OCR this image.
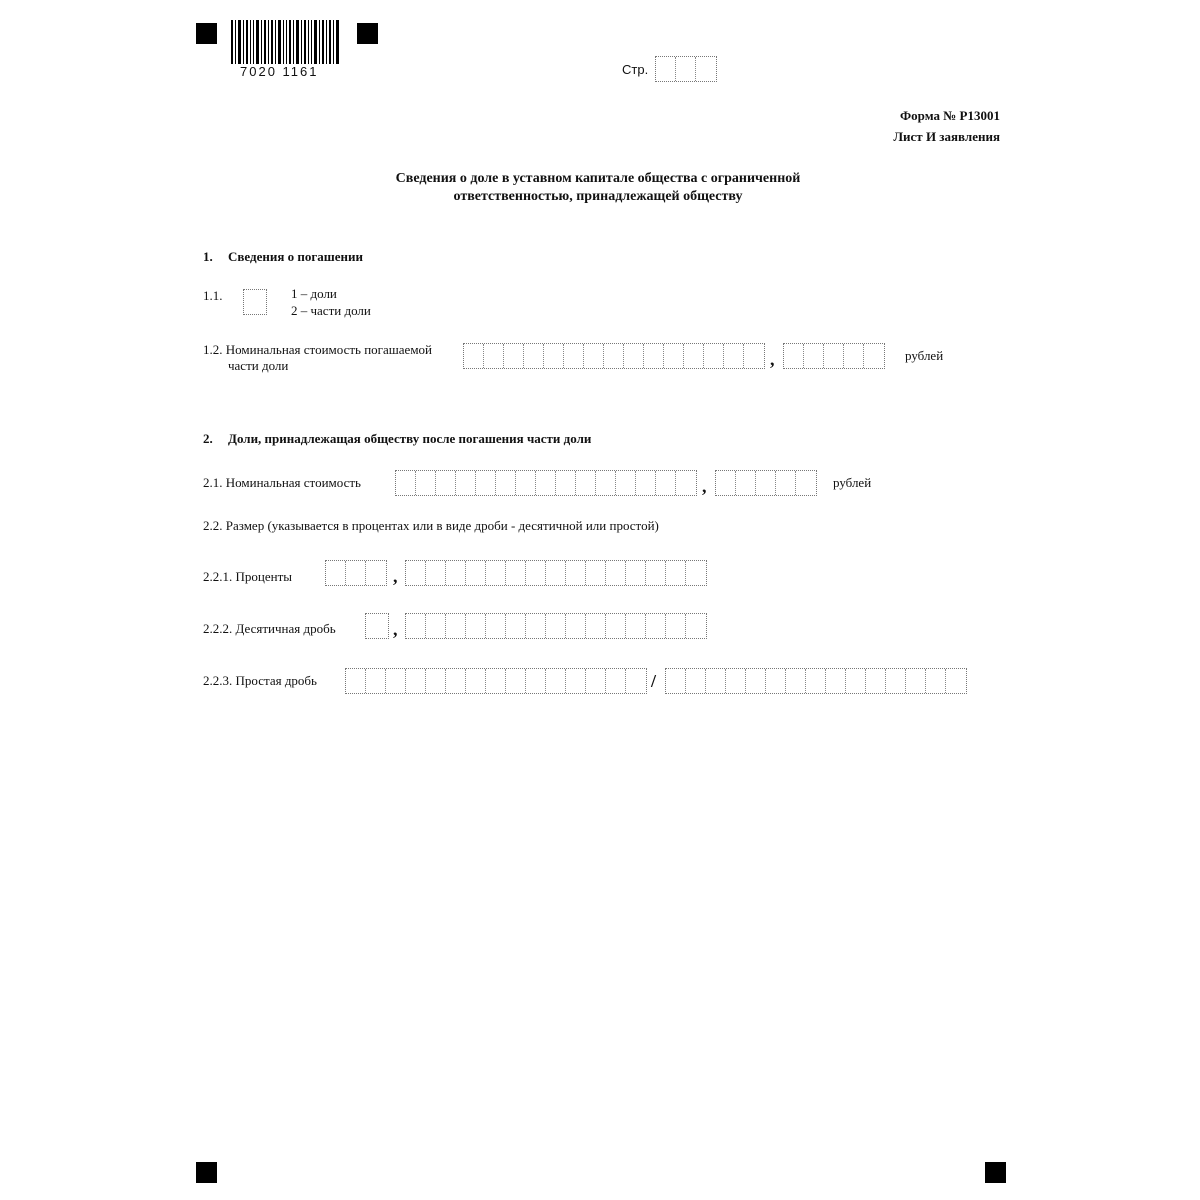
7020 1161	Стр.
Форма № Р13001
Лист И заявления
Сведения о доле в уставном капитале общества с ограниченной
ответственностью, принадлежащей обществу
1. Сведения о погашении
1.1.	1 – доли
2 – части доли
1.2. Номинальная стоимость погашаемой
части доли	,	рублей
2. Доли, принадлежащая обществу после погашения части доли
2.1. Номинальная стоимость	,	рублей
2.2. Размер (указывается в процентах или в виде дроби - десятичной или простой)
2.2.1. Проценты	,
2.2.2. Десятичная дробь	,
2.2.3. Простая дробь	/
